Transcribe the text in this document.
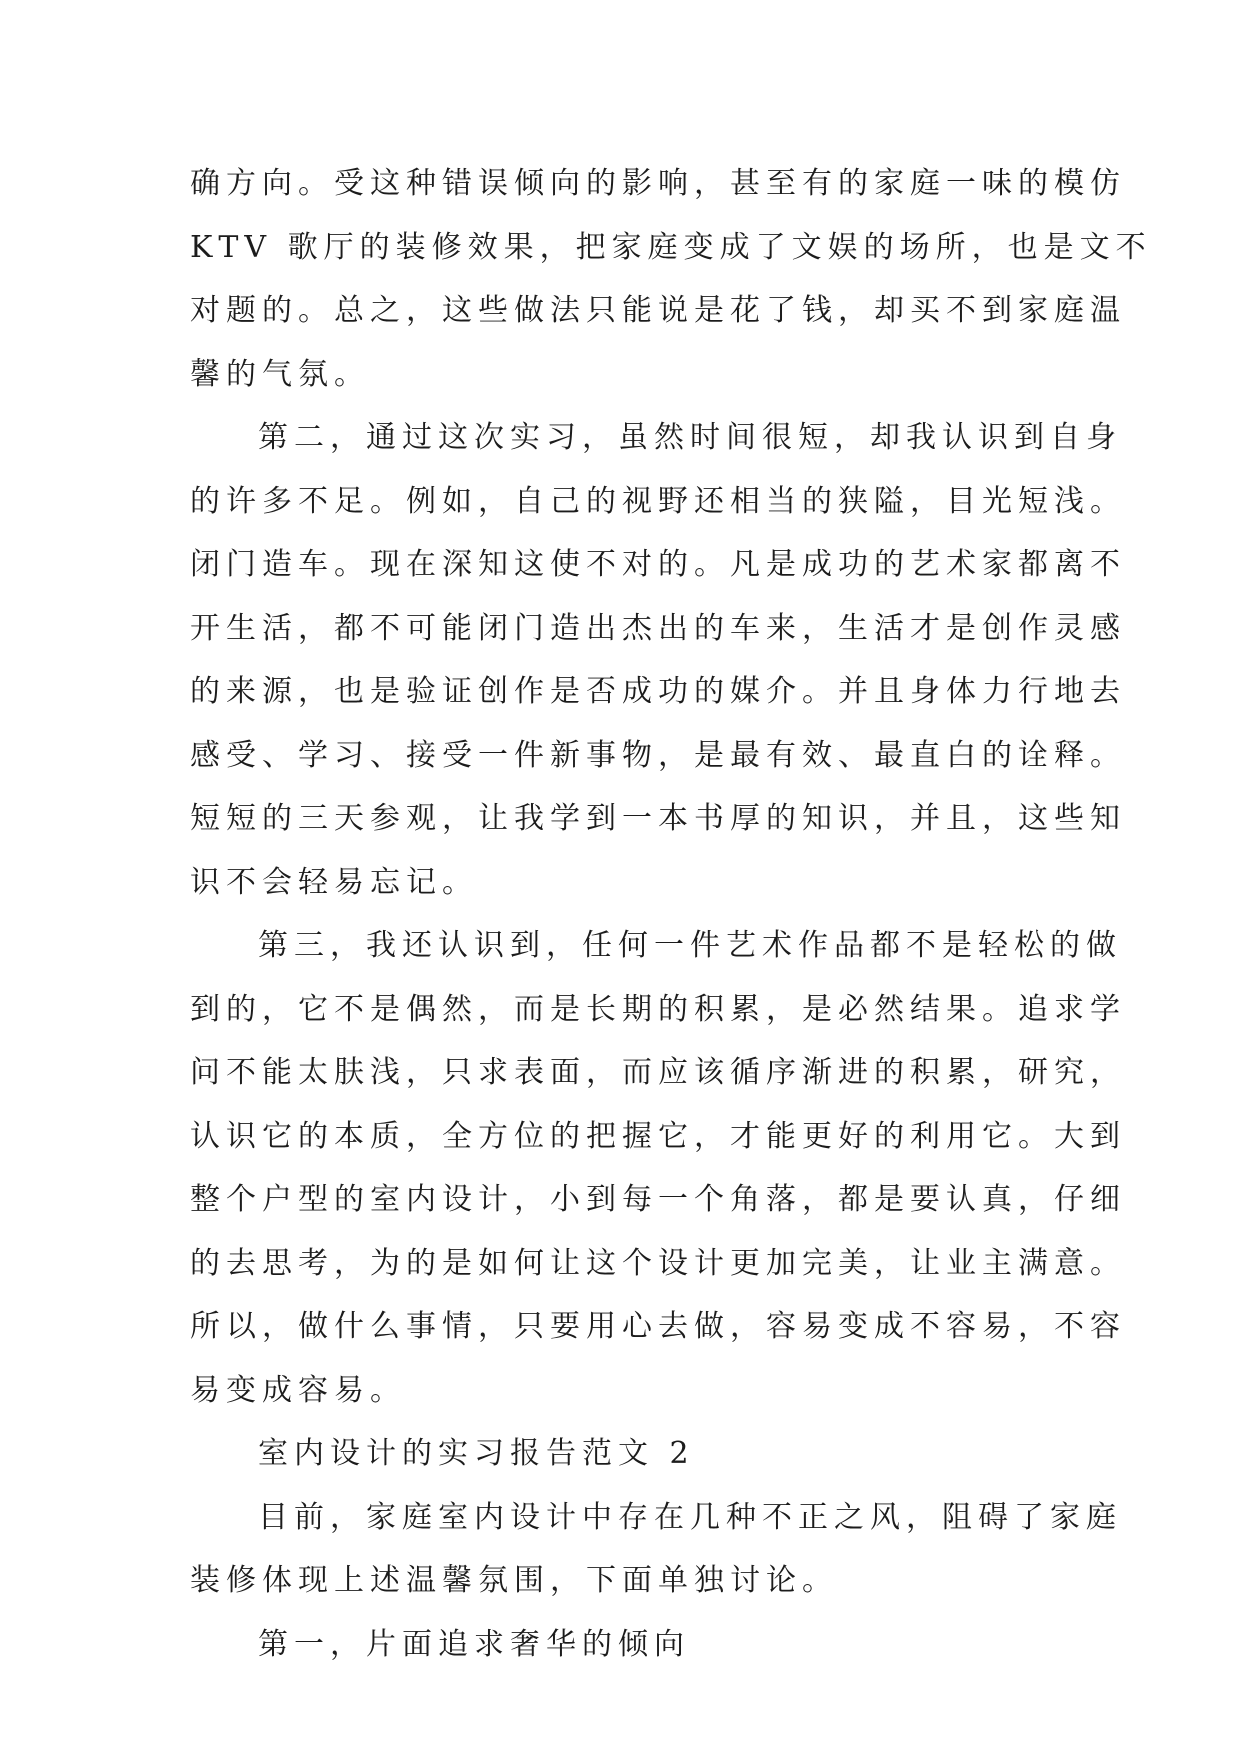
确方向。受这种错误倾向的影响，甚至有的家庭一味的模仿
KTV 歌厅的装修效果，把家庭变成了文娱的场所，也是文不
对题的。总之，这些做法只能说是花了钱，却买不到家庭温
馨的气氛。
第二，通过这次实习，虽然时间很短，却我认识到自身
的许多不足。例如，自己的视野还相当的狭隘，目光短浅。
闭门造车。现在深知这使不对的。凡是成功的艺术家都离不
开生活，都不可能闭门造出杰出的车来，生活才是创作灵感
的来源，也是验证创作是否成功的媒介。并且身体力行地去
感受、学习、接受一件新事物，是最有效、最直白的诠释。
短短的三天参观，让我学到一本书厚的知识，并且，这些知
识不会轻易忘记。
第三，我还认识到，任何一件艺术作品都不是轻松的做
到的，它不是偶然，而是长期的积累，是必然结果。追求学
问不能太肤浅，只求表面，而应该循序渐进的积累，研究，
认识它的本质，全方位的把握它，才能更好的利用它。大到
整个户型的室内设计，小到每一个角落，都是要认真，仔细
的去思考，为的是如何让这个设计更加完美，让业主满意。
所以，做什么事情，只要用心去做，容易变成不容易，不容
易变成容易。
室内设计的实习报告范文 2
目前，家庭室内设计中存在几种不正之风，阻碍了家庭
装修体现上述温馨氛围，下面单独讨论。
第一，片面追求奢华的倾向
